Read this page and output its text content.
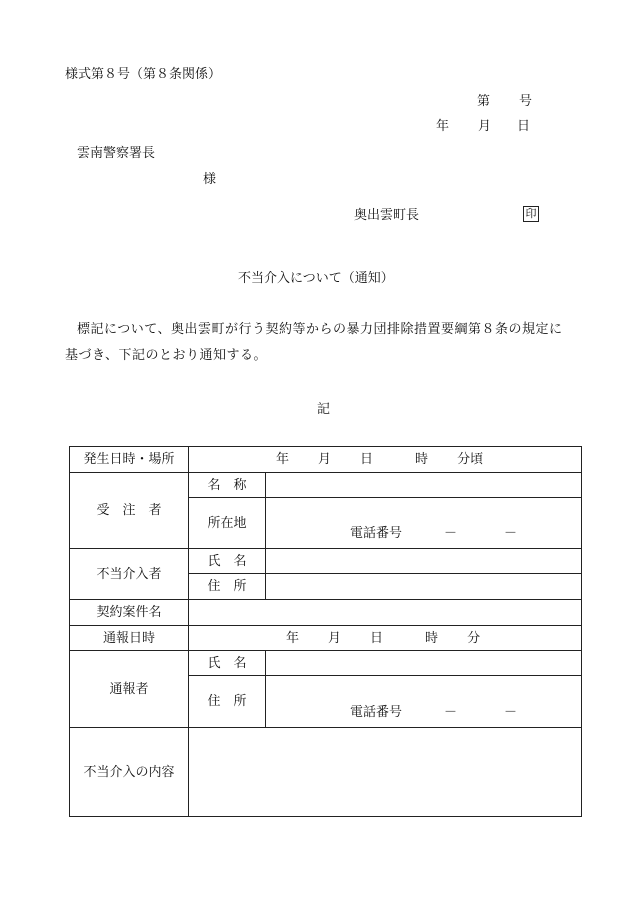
様式第８号（第８条関係）
第 号
年 月 日
雲南警察署長
様
奥出雲町長	印
不当介入について（通知）
標記について、奥出雲町が行う契約等からの暴力団排除措置要綱第８条の規定に
基づき、下記のとおり通知する。
記
発生日時・場所	年 月 日 時 分頃	
受　注　者	名　称	
	所在地	電話番号 － －

不当介入者	氏　名	
	住　所	
契約案件名		
通報日時	年 月 日 時 分	
通報者	氏　名	
	住　所	電話番号 － －

不当介入の内容		
